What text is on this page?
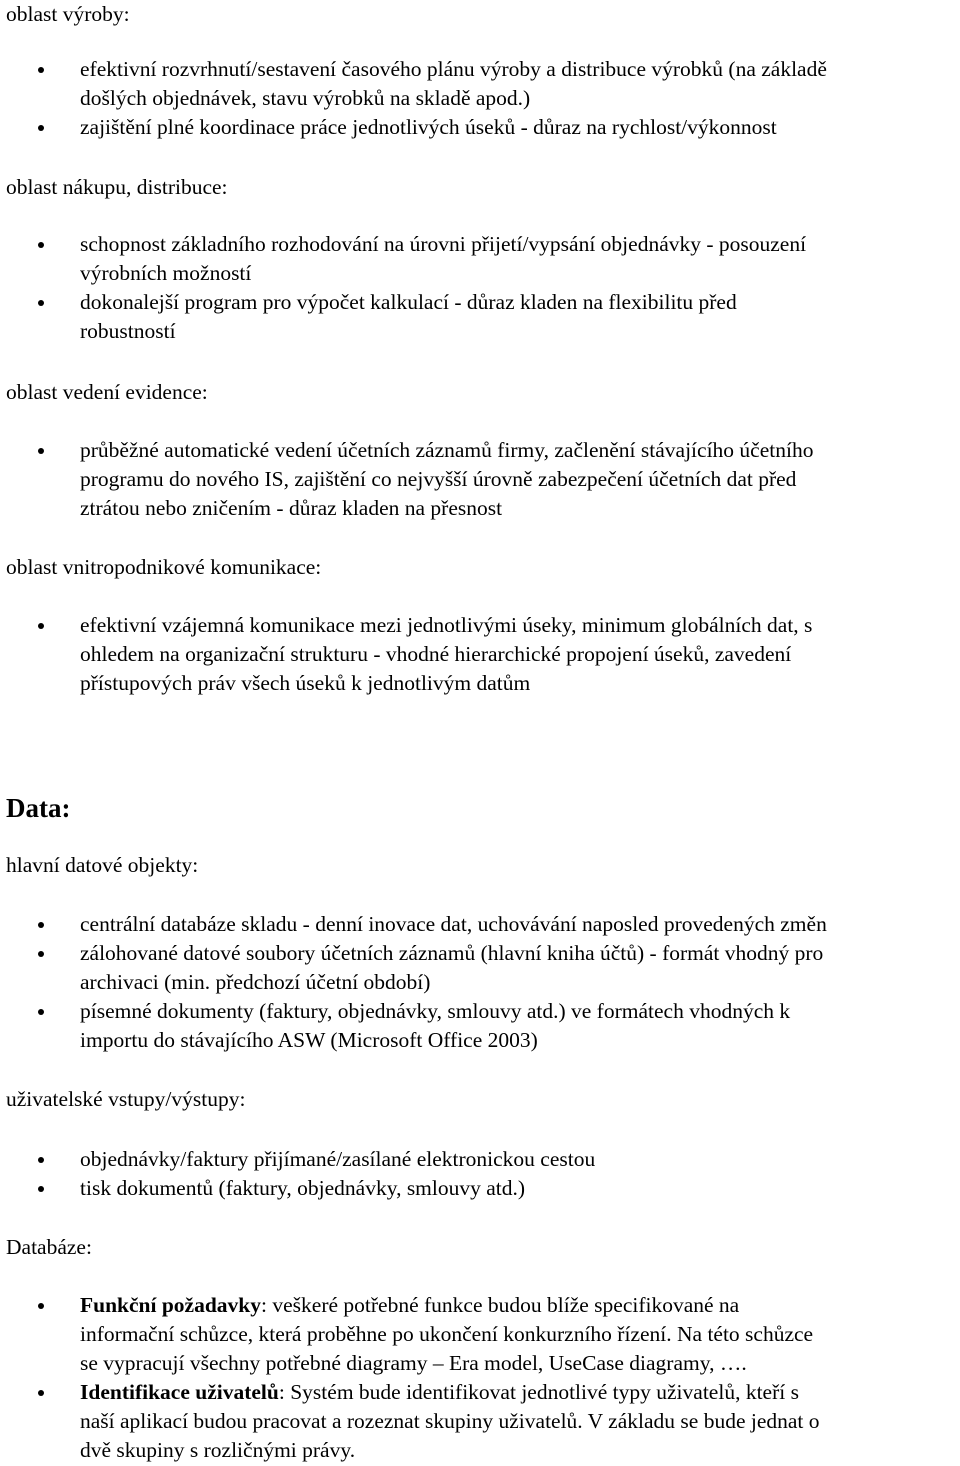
oblast výroby:

efektivní rozvrhnutí/sestavení časového plánu výroby a distribuce výrobků (na základě
došlých objednávek, stavu výrobků na skladě apod.)
zajištění plné koordinace práce jednotlivých úseků - důraz na rychlost/výkonnost

oblast nákupu, distribuce:

schopnost základního rozhodování na úrovni přijetí/vypsání objednávky - posouzení
výrobních možností
dokonalejší program pro výpočet kalkulací - důraz kladen na flexibilitu před
robustností

oblast vedení evidence:

průběžné automatické vedení účetních záznamů firmy, začlenění stávajícího účetního
programu do nového IS, zajištění co nejvyšší úrovně zabezpečení účetních dat před
ztrátou nebo zničením - důraz kladen na přesnost

oblast vnitropodnikové komunikace:

efektivní vzájemná komunikace mezi jednotlivými úseky, minimum globálních dat, s
ohledem na organizační strukturu - vhodné hierarchické propojení úseků, zavedení
přístupových práv všech úseků k jednotlivým datům

Data:

hlavní datové objekty:

centrální databáze skladu - denní inovace dat, uchovávání naposled provedených změn
zálohované datové soubory účetních záznamů (hlavní kniha účtů) - formát vhodný pro
archivaci (min. předchozí účetní období)
písemné dokumenty (faktury, objednávky, smlouvy atd.) ve formátech vhodných k
importu do stávajícího ASW (Microsoft Office 2003)

uživatelské vstupy/výstupy:

objednávky/faktury přijímané/zasílané elektronickou cestou
tisk dokumentů (faktury, objednávky, smlouvy atd.)

Databáze:

Funkční požadavky: veškeré potřebné funkce budou blíže specifikované na
informační schůzce, která proběhne po ukončení konkurzního řízení. Na této schůzce
se vypracují všechny potřebné diagramy – Era model, UseCase diagramy, ….
Identifikace uživatelů: Systém bude identifikovat jednotlivé typy uživatelů, kteří s
naší aplikací budou pracovat a rozeznat skupiny uživatelů. V základu se bude jednat o
dvě skupiny s rozličnými právy.
